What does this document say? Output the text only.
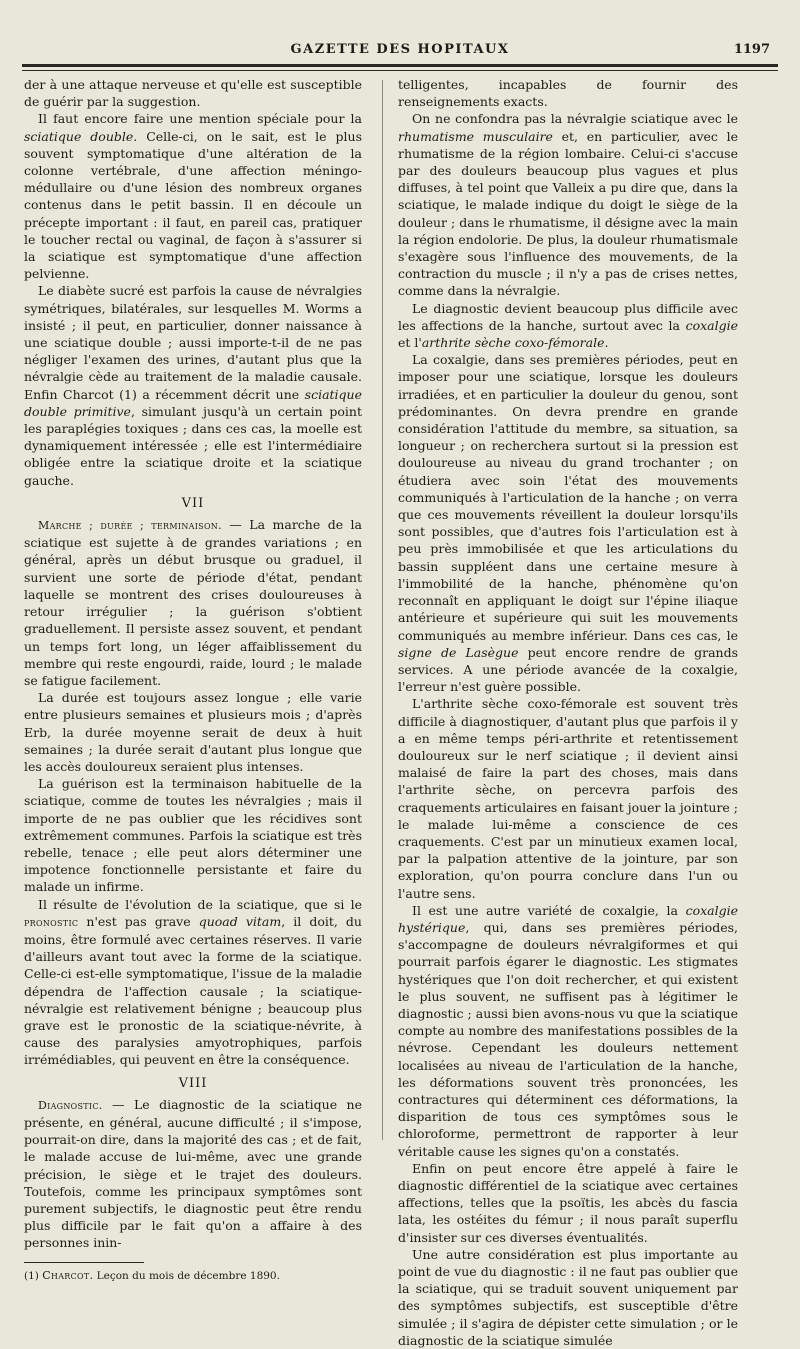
GAZETTE DES HOPITAUX	1197

der à une attaque nerveuse et qu'elle est susceptible de guérir par la suggestion.

Il faut encore faire une mention spéciale pour la sciatique double. Celle-ci, on le sait, est le plus souvent symptomatique d'une altération de la colonne vertébrale, d'une affection méningo-médullaire ou d'une lésion des nombreux organes contenus dans le petit bassin. Il en découle un précepte important : il faut, en pareil cas, pratiquer le toucher rectal ou vaginal, de façon à s'assurer si la sciatique est symptomatique d'une affection pelvienne.

Le diabète sucré est parfois la cause de névralgies symétriques, bilatérales, sur lesquelles M. Worms a insisté ; il peut, en particulier, donner naissance à une sciatique double ; aussi importe-t-il de ne pas négliger l'examen des urines, d'autant plus que la névralgie cède au traitement de la maladie causale. Enfin Charcot (1) a récemment décrit une sciatique double primitive, simulant jusqu'à un certain point les paraplégies toxiques ; dans ces cas, la moelle est dynamiquement intéressée ; elle est l'intermédiaire obligée entre la sciatique droite et la sciatique gauche.

VII

Marche ; durée ; terminaison. — La marche de la sciatique est sujette à de grandes variations ; en général, après un début brusque ou graduel, il survient une sorte de période d'état, pendant laquelle se montrent des crises douloureuses à retour irrégulier ; la guérison s'obtient graduellement. Il persiste assez souvent, et pendant un temps fort long, un léger affaiblissement du membre qui reste engourdi, raide, lourd ; le malade se fatigue facilement.

La durée est toujours assez longue ; elle varie entre plusieurs semaines et plusieurs mois ; d'après Erb, la durée moyenne serait de deux à huit semaines ; la durée serait d'autant plus longue que les accès douloureux seraient plus intenses.

La guérison est la terminaison habituelle de la sciatique, comme de toutes les névralgies ; mais il importe de ne pas oublier que les récidives sont extrêmement communes. Parfois la sciatique est très rebelle, tenace ; elle peut alors déterminer une impotence fonctionnelle persistante et faire du malade un infirme.

Il résulte de l'évolution de la sciatique, que si le pronostic n'est pas grave quoad vitam, il doit, du moins, être formulé avec certaines réserves. Il varie d'ailleurs avant tout avec la forme de la sciatique. Celle-ci est-elle symptomatique, l'issue de la maladie dépendra de l'affection causale ; la sciatique-névralgie est relativement bénigne ; beaucoup plus grave est le pronostic de la sciatique-névrite, à cause des paralysies amyotrophiques, parfois irrémédiables, qui peuvent en être la conséquence.

VIII

Diagnostic. — Le diagnostic de la sciatique ne présente, en général, aucune difficulté ; il s'impose, pourrait-on dire, dans la majorité des cas ; et de fait, le malade accuse de lui-même, avec une grande précision, le siège et le trajet des douleurs. Toutefois, comme les principaux symptômes sont purement subjectifs, le diagnostic peut être rendu plus difficile par le fait qu'on a affaire à des personnes inin-

(1) Charcot. Leçon du mois de décembre 1890.

telligentes, incapables de fournir des renseignements exacts.

On ne confondra pas la névralgie sciatique avec le rhumatisme musculaire et, en particulier, avec le rhumatisme de la région lombaire. Celui-ci s'accuse par des douleurs beaucoup plus vagues et plus diffuses, à tel point que Valleix a pu dire que, dans la sciatique, le malade indique du doigt le siège de la douleur ; dans le rhumatisme, il désigne avec la main la région endolorie. De plus, la douleur rhumatismale s'exagère sous l'influence des mouvements, de la contraction du muscle ; il n'y a pas de crises nettes, comme dans la névralgie.

Le diagnostic devient beaucoup plus difficile avec les affections de la hanche, surtout avec la coxalgie et l'arthrite sèche coxo-fémorale.

La coxalgie, dans ses premières périodes, peut en imposer pour une sciatique, lorsque les douleurs irradiées, et en particulier la douleur du genou, sont prédominantes. On devra prendre en grande considération l'attitude du membre, sa situation, sa longueur ; on recherchera surtout si la pression est douloureuse au niveau du grand trochanter ; on étudiera avec soin l'état des mouvements communiqués à l'articulation de la hanche ; on verra que ces mouvements réveillent la douleur lorsqu'ils sont possibles, que d'autres fois l'articulation est à peu près immobilisée et que les articulations du bassin suppléent dans une certaine mesure à l'immobilité de la hanche, phénomène qu'on reconnaît en appliquant le doigt sur l'épine iliaque antérieure et supérieure qui suit les mouvements communiqués au membre inférieur. Dans ces cas, le signe de Lasègue peut encore rendre de grands services. A une période avancée de la coxalgie, l'erreur n'est guère possible.

L'arthrite sèche coxo-fémorale est souvent très difficile à diagnostiquer, d'autant plus que parfois il y a en même temps péri-arthrite et retentissement douloureux sur le nerf sciatique ; il devient ainsi malaisé de faire la part des choses, mais dans l'arthrite sèche, on percevra parfois des craquements articulaires en faisant jouer la jointure ; le malade lui-même a conscience de ces craquements. C'est par un minutieux examen local, par la palpation attentive de la jointure, par son exploration, qu'on pourra conclure dans l'un ou l'autre sens.

Il est une autre variété de coxalgie, la coxalgie hystérique, qui, dans ses premières périodes, s'accompagne de douleurs névralgiformes et qui pourrait parfois égarer le diagnostic. Les stigmates hystériques que l'on doit rechercher, et qui existent le plus souvent, ne suffisent pas à légitimer le diagnostic ; aussi bien avons-nous vu que la sciatique compte au nombre des manifestations possibles de la névrose. Cependant les douleurs nettement localisées au niveau de l'articulation de la hanche, les déformations souvent très prononcées, les contractures qui déterminent ces déformations, la disparition de tous ces symptômes sous le chloroforme, permettront de rapporter à leur véritable cause les signes qu'on a constatés.

Enfin on peut encore être appelé à faire le diagnostic différentiel de la sciatique avec certaines affections, telles que la psoïtis, les abcès du fascia lata, les ostéites du fémur ; il nous paraît superflu d'insister sur ces diverses éventualités.

Une autre considération est plus importante au point de vue du diagnostic : il ne faut pas oublier que la sciatique, qui se traduit souvent uniquement par des symptômes subjectifs, est susceptible d'être simulée ; il s'agira de dépister cette simulation ; or le diagnostic de la sciatique simulée
